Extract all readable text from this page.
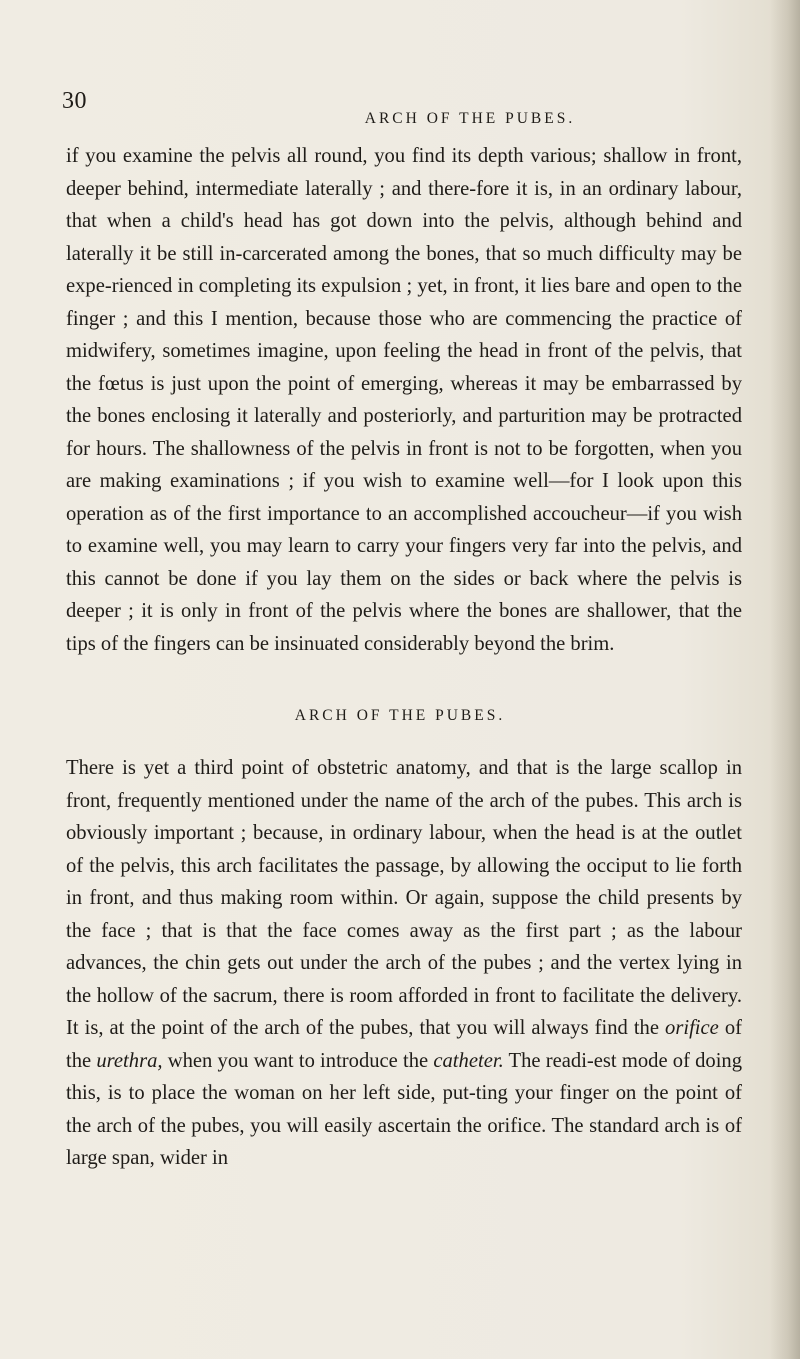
30
ARCH OF THE PUBES.
if you examine the pelvis all round, you find its depth various; shallow in front, deeper behind, intermediate laterally ; and there-fore it is, in an ordinary labour, that when a child's head has got down into the pelvis, although behind and laterally it be still in-carcerated among the bones, that so much difficulty may be expe-rienced in completing its expulsion ; yet, in front, it lies bare and open to the finger ; and this I mention, because those who are commencing the practice of midwifery, sometimes imagine, upon feeling the head in front of the pelvis, that the fœtus is just upon the point of emerging, whereas it may be embarrassed by the bones enclosing it laterally and posteriorly, and parturition may be protracted for hours. The shallowness of the pelvis in front is not to be forgotten, when you are making examinations ; if you wish to examine well—for I look upon this operation as of the first importance to an accomplished accoucheur—if you wish to examine well, you may learn to carry your fingers very far into the pelvis, and this cannot be done if you lay them on the sides or back where the pelvis is deeper ; it is only in front of the pelvis where the bones are shallower, that the tips of the fingers can be insinuated considerably beyond the brim.
ARCH OF THE PUBES.
There is yet a third point of obstetric anatomy, and that is the large scallop in front, frequently mentioned under the name of the arch of the pubes. This arch is obviously important ; because, in ordinary labour, when the head is at the outlet of the pelvis, this arch facilitates the passage, by allowing the occiput to lie forth in front, and thus making room within. Or again, suppose the child presents by the face ; that is that the face comes away as the first part ; as the labour advances, the chin gets out under the arch of the pubes ; and the vertex lying in the hollow of the sacrum, there is room afforded in front to facilitate the delivery. It is, at the point of the arch of the pubes, that you will always find the orifice of the urethra, when you want to introduce the catheter. The readi-est mode of doing this, is to place the woman on her left side, put-ting your finger on the point of the arch of the pubes, you will easily ascertain the orifice. The standard arch is of large span, wider in
